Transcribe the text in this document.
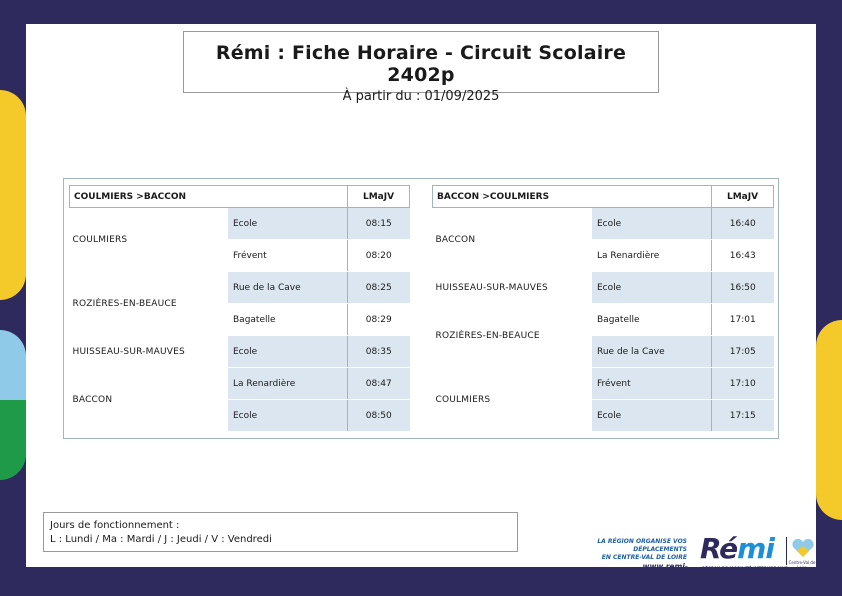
Rémi : Fiche Horaire - Circuit Scolaire 2402p
À partir du : 01/09/2025
COULMIERS >BACCON		LMaJV
COULMIERS	Ecole	08:15
	Frévent	08:20
ROZIÈRES-EN-BEAUCE	Rue de la Cave	08:25
	Bagatelle	08:29
HUISSEAU-SUR-MAUVES	Ecole	08:35
BACCON	La Renardière	08:47
	Ecole	08:50
BACCON >COULMIERS		LMaJV
BACCON	Ecole	16:40
	La Renardière	16:43
HUISSEAU-SUR-MAUVES	Ecole	16:50
ROZIÈRES-EN-BEAUCE	Bagatelle	17:01
	Rue de la Cave	17:05
COULMIERS	Frévent	17:10
	Ecole	17:15
Jours de fonctionnement :
L : Lundi / Ma : Mardi / J : Jeudi / V : Vendredi	LA RÉGION ORGANISE VOS DÉPLACEMENTS
EN CENTRE-VAL DE LOIRE
www.remi-centrevaldeloire.fr
Rémi
RÉSEAU DE MOBILITÉ INTERURBAINE
Centre-Val de Loire
